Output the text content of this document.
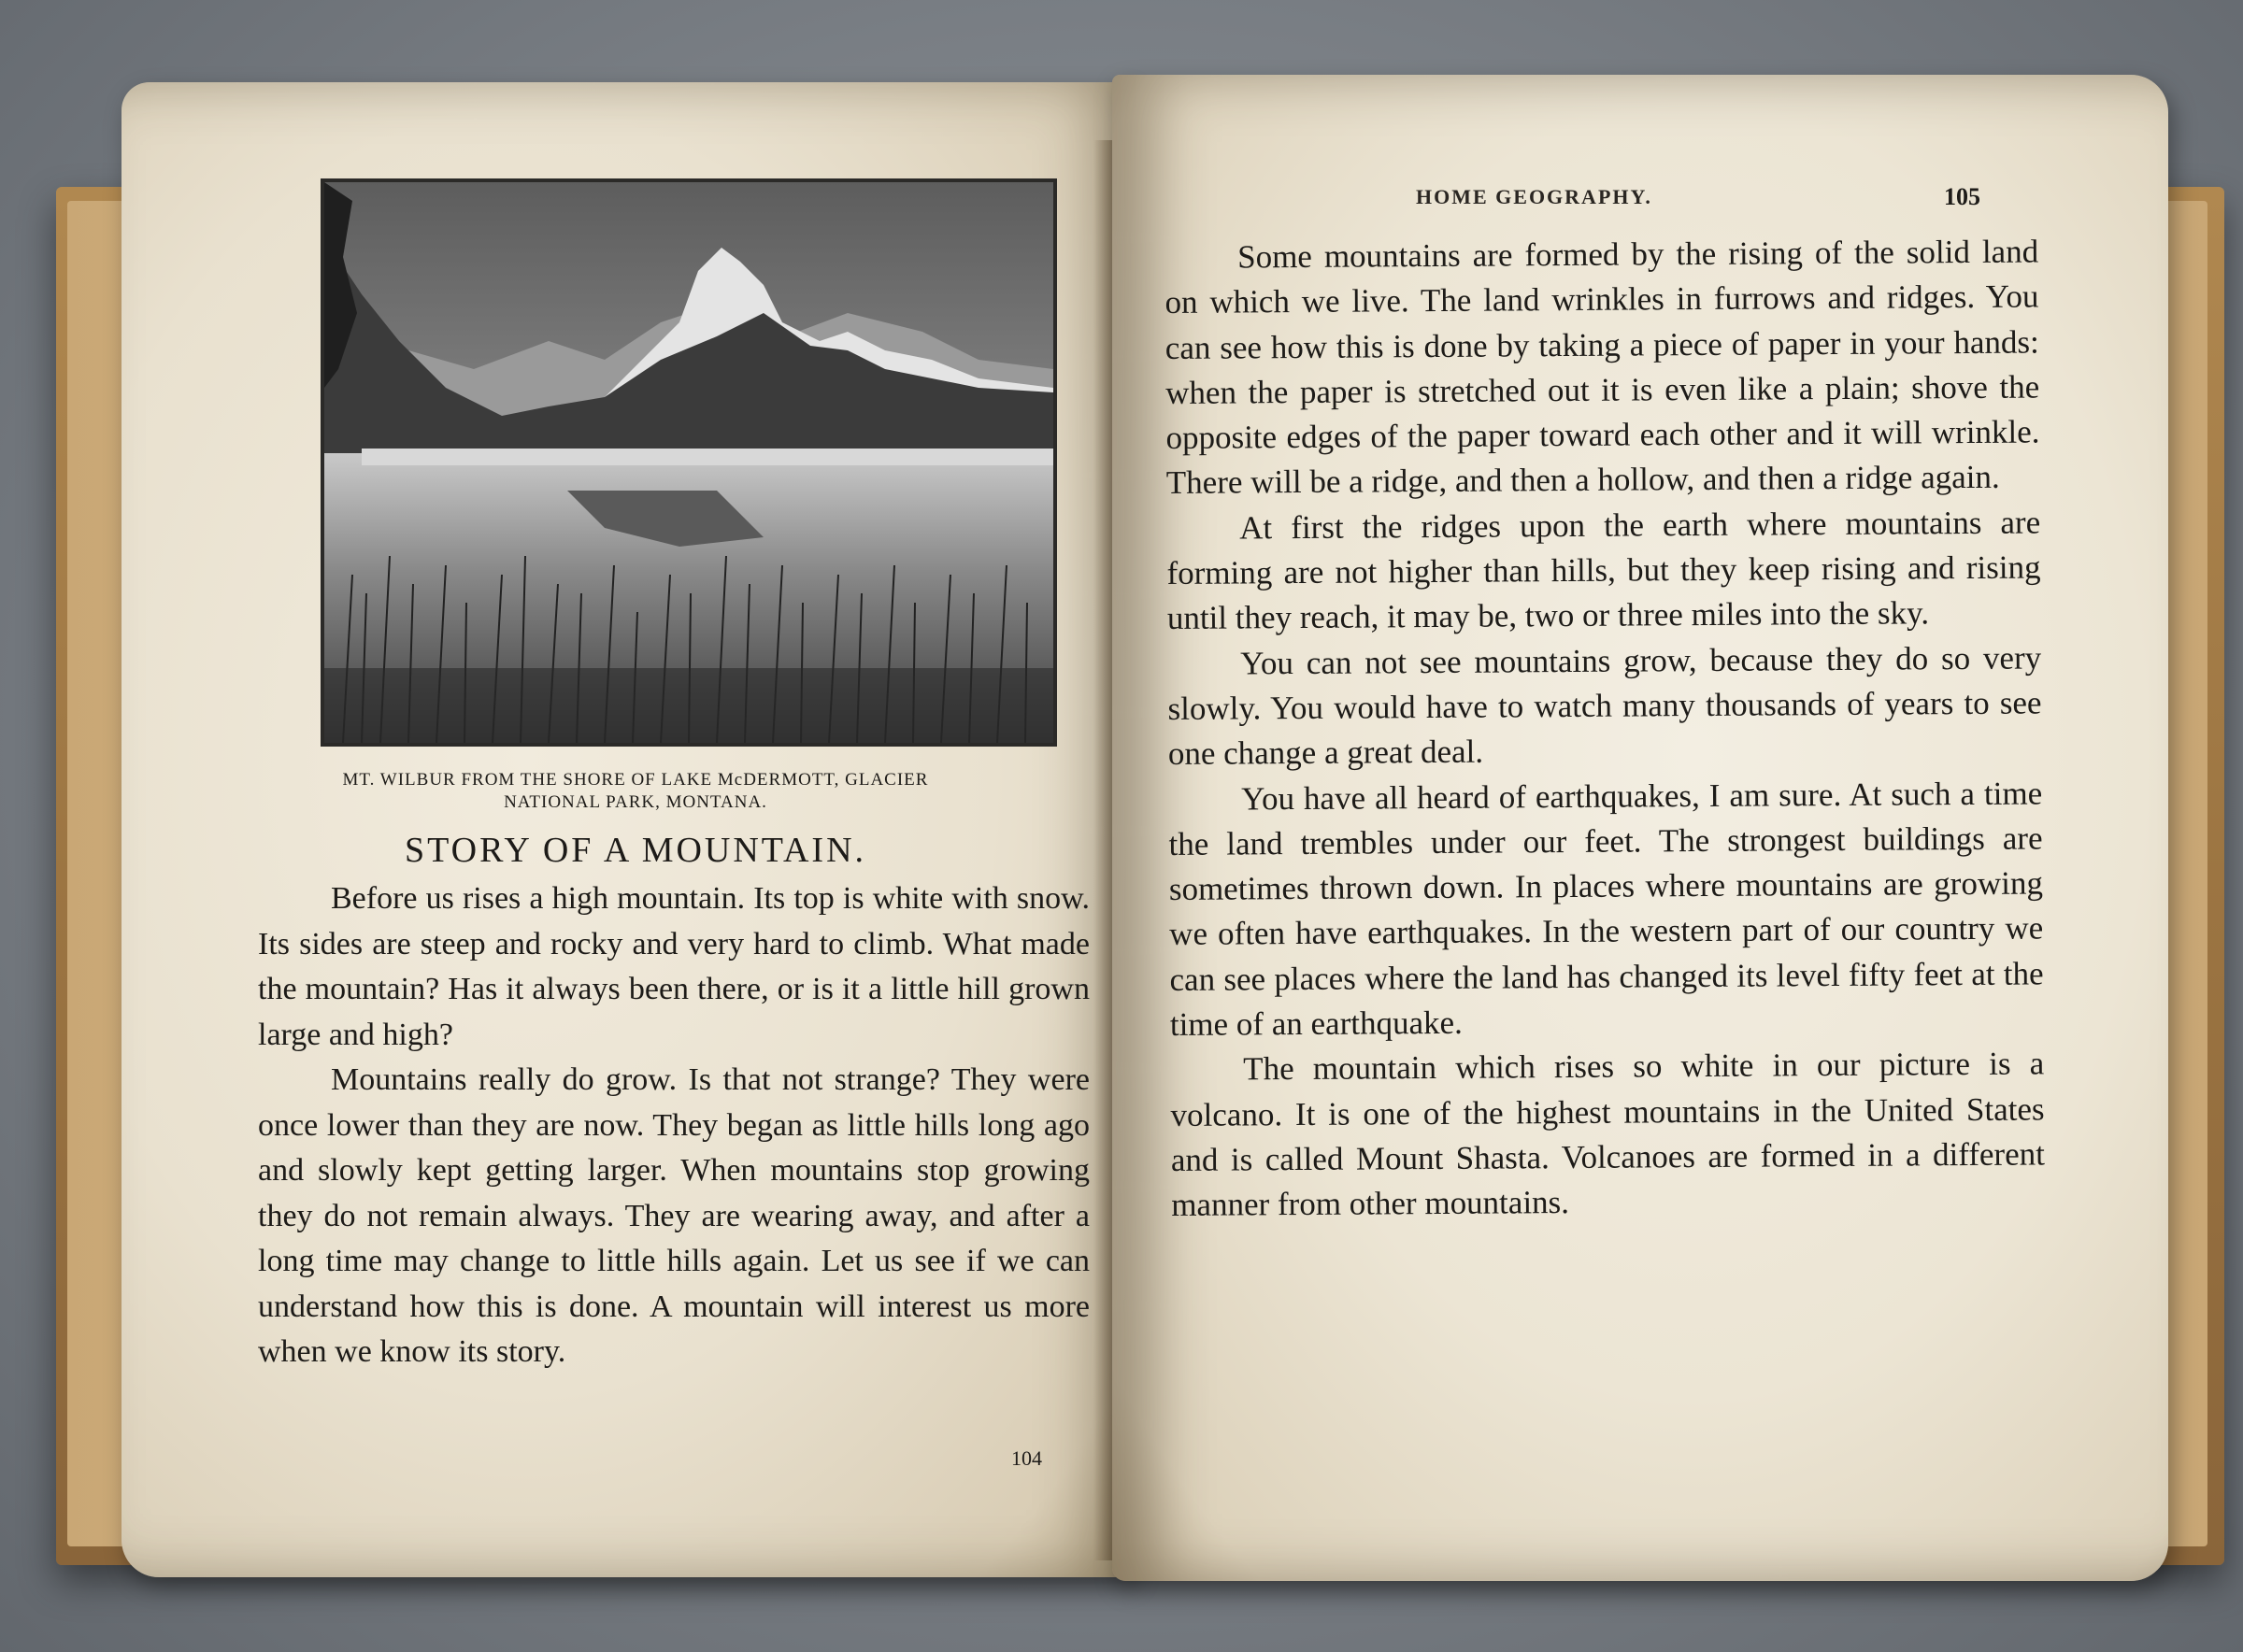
MT. WILBUR FROM THE SHORE OF LAKE McDERMOTT, GLACIER
NATIONAL PARK, MONTANA.
STORY OF A MOUNTAIN.

Before us rises a high mountain. Its top is white with snow. Its sides are steep and rocky and very hard to climb. What made the mountain? Has it always been there, or is it a little hill grown large and high?

Mountains really do grow. Is that not strange? They were once lower than they are now. They began as little hills long ago and slowly kept getting larger. When mountains stop growing they do not remain always. They are wearing away, and after a long time may change to little hills again. Let us see if we can understand how this is done. A mountain will interest us more when we know its story.

104
HOME GEOGRAPHY.	105

Some mountains are formed by the rising of the solid land on which we live. The land wrinkles in furrows and ridges. You can see how this is done by taking a piece of paper in your hands: when the paper is stretched out it is even like a plain; shove the opposite edges of the paper toward each other and it will wrinkle. There will be a ridge, and then a hollow, and then a ridge again.

At first the ridges upon the earth where mountains are forming are not higher than hills, but they keep rising and rising until they reach, it may be, two or three miles into the sky.

You can not see mountains grow, because they do so very slowly. You would have to watch many thousands of years to see one change a great deal.

You have all heard of earthquakes, I am sure. At such a time the land trembles under our feet. The strongest buildings are sometimes thrown down. In places where mountains are growing we often have earthquakes. In the western part of our country we can see places where the land has changed its level fifty feet at the time of an earthquake.

The mountain which rises so white in our picture is a volcano. It is one of the highest mountains in the United States and is called Mount Shasta. Volcanoes are formed in a different manner from other mountains.
